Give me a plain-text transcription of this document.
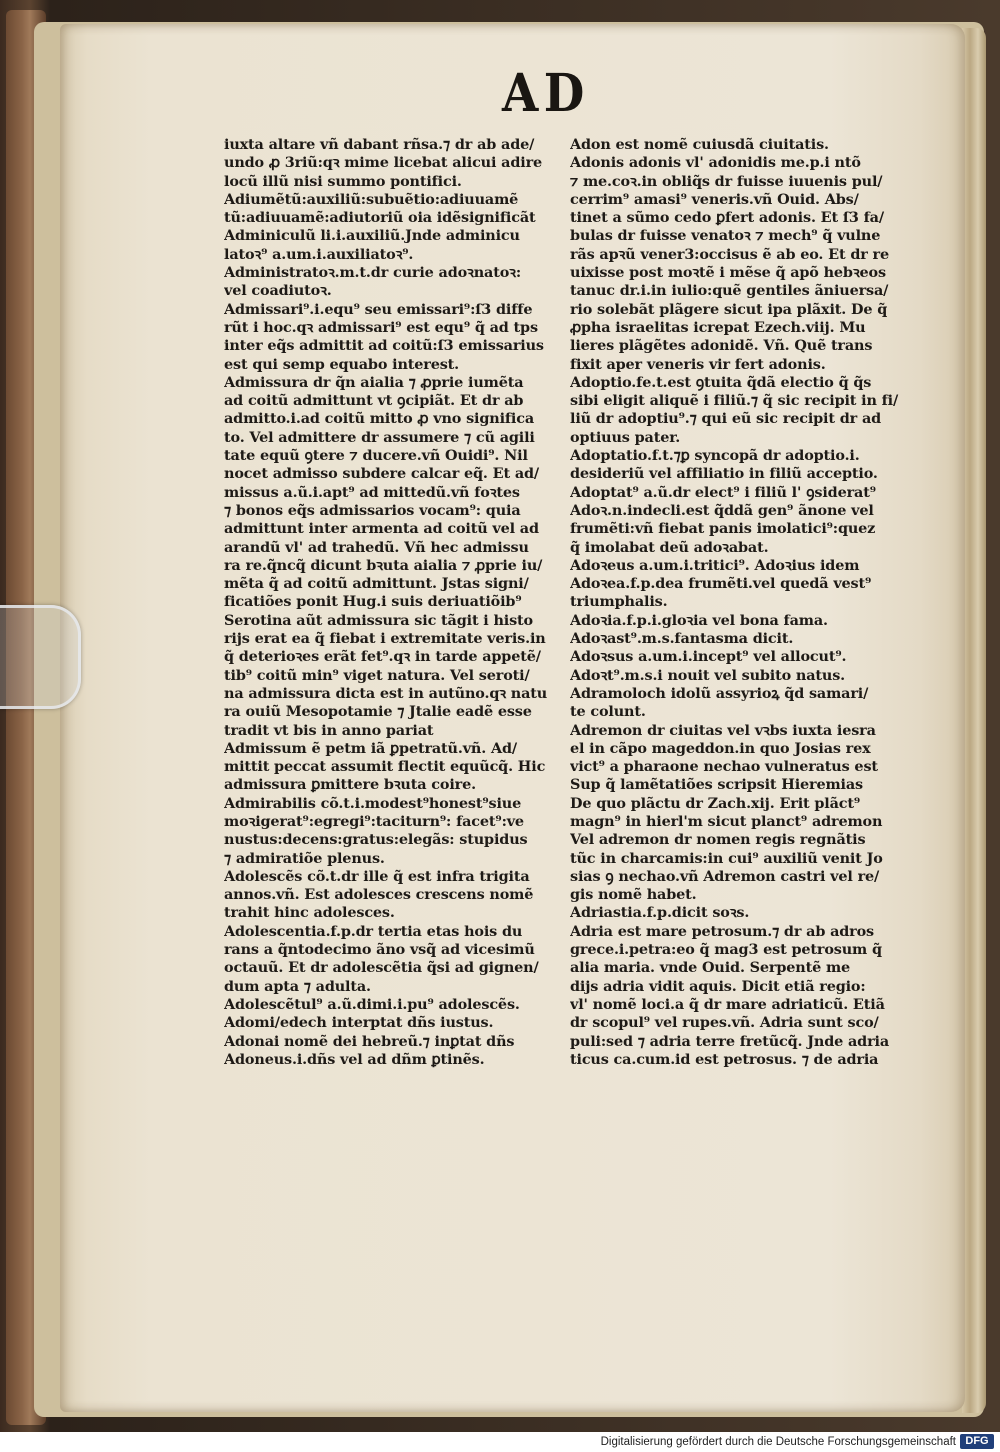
AD
iuxta altare vñ dabant rñsa.⁊ dr ab ade/
undo ꝓ 3riũ:qꝛ mime licebat alicui adire
locũ illũ nisi summo pontifici.
Adiumẽtũ:auxiliũ:subuẽtio:adiuuamẽ
tũ:adiuuamẽ:adiutoriũ oia idẽsignificãt
Adminiculũ li.i.auxiliũ.Jnde adminicu
latoꝛ⁹ a.um.i.auxiliatoꝛ⁹.
Administratoꝛ.m.t.dr curie adoꝛnatoꝛ:
vel coadiutoꝛ.
Admissari⁹.i.equ⁹ seu emissari⁹:ſ3 diffe
rũt i hoc.qꝛ admissari⁹ est equ⁹ q̃ ad tps
inter eq̃s admittit ad coitũ:ſ3 emissarius
est qui semp equabo interest.
Admissura dr q̃n aialia ⁊ ꝓprie iumẽta
ad coitũ admittunt vt ꝯcipiãt. Et dr ab
admitto.i.ad coitũ mitto ꝓ vno significa
to. Vel admittere dr assumere ⁊ cũ agili
tate equũ ꝯtere ⁊ ducere.vñ Ouidi⁹. Nil
nocet admisso subdere calcar eq̃. Et ad/
missus a.ũ.i.apt⁹ ad mittedũ.vñ foꝛtes
⁊ bonos eq̃s admissarios vocam⁹: quia
admittunt inter armenta ad coitũ vel ad
arandũ vl' ad trahedũ. Vñ hec admissu
ra re.q̃ncq̃ dicunt bꝛuta aialia ⁊ ꝓprie iu/
mẽta q̃ ad coitũ admittunt. Jstas signi/
ficatiões ponit Hug.i suis deriuatiõib⁹
Serotina aũt admissura sic tãgit i histo
rijs erat ea q̃ fiebat i extremitate veris.in
q̃ deterioꝛes erãt fet⁹.qꝛ in tarde appetẽ/
tib⁹ coitũ min⁹ viget natura. Vel seroti/
na admissura dicta est in autũno.qꝛ natu
ra ouiũ Mesopotamie ⁊ Jtalie eadẽ esse
tradit vt bis in anno pariat
Admissum ẽ petm iã ꝑpetratũ.vñ. Ad/
mittit peccat assumit flectit equũcq̃. Hic
admissura ꝑmittere bꝛuta coire.
Admirabilis cõ.t.i.modest⁹honest⁹siue
moꝛigerat⁹:egregi⁹:taciturn⁹: facet⁹:ve
nustus:decens:gratus:elegãs: stupidus
⁊ admiratiõe plenus.
Adolescẽs cõ.t.dr ille q̃ est infra trigita
annos.vñ. Est adolesces crescens nomẽ
trahit hinc adolesces.
Adolescentia.f.p.dr tertia etas hois du
rans a q̃ntodecimo ãno vsq̃ ad vicesimũ
octauũ. Et dr adolescẽtia q̃si ad gignen/
dum apta ⁊ adulta.
Adolescẽtul⁹ a.ũ.dimi.i.pu⁹ adolescẽs.
Adomi/edech interptat dñs iustus.
Adonai nomẽ dei hebreũ.⁊ inꝑtat dñs
Adoneus.i.dñs vel ad dñm ꝑtinẽs.
Adon est nomẽ cuiusdã ciuitatis.
Adonis adonis vl' adonidis me.p.i ntõ
⁊ me.coꝛ.in obliq̃s dr fuisse iuuenis pul/
cerrim⁹ amasi⁹ veneris.vñ Ouid. Abs/
tinet a sũmo cedo ꝑfert adonis. Et ſ3 fa/
bulas dr fuisse venatoꝛ ⁊ mech⁹ q̃ vulne
rãs apꝛũ vener3:occisus ẽ ab eo. Et dr re
uixisse post moꝛtẽ i mẽse q̃ apõ hebꝛeos
tanuc dr.i.in iulio:quẽ gentiles ãniuersa/
rio solebãt plãgere sicut ipa plãxit. De q̃
ꝓpha israelitas icrepat Ezech.viij. Mu
lieres plãgẽtes adonidẽ. Vñ. Quẽ trans
fixit aper veneris vir fert adonis.
Adoptio.fe.t.est ꝯtuita q̃dã electio q̃ q̃s
sibi eligit aliquẽ i filiũ.⁊ q̃ sic recipit in fi/
liũ dr adoptiu⁹.⁊ qui eũ sic recipit dr ad
optiuus pater.
Adoptatio.f.t.⁊ꝑ syncopã dr adoptio.i.
desideriũ vel affiliatio in filiũ acceptio.
Adoptat⁹ a.ũ.dr elect⁹ i filiũ l' ꝯsiderat⁹
Adoꝛ.n.indecli.est q̃ddã gen⁹ ãnone vel
frumẽti:vñ fiebat panis imolatici⁹:quez
q̃ imolabat deũ adoꝛabat.
Adoꝛeus a.um.i.tritici⁹. Adoꝛius idem
Adoꝛea.f.p.dea frumẽti.vel quedã vest⁹
triumphalis.
Adoꝛia.f.p.i.gloꝛia vel bona fama.
Adoꝛast⁹.m.s.fantasma dicit.
Adoꝛsus a.um.i.incept⁹ vel allocut⁹.
Adoꝛt⁹.m.s.i nouit vel subito natus.
Adramoloch idolũ assyrioꝝ q̃d samari/
te colunt.
Adremon dr ciuitas vel vꝛbs iuxta iesra
el in cãpo mageddon.in quo Josias rex
vict⁹ a pharaone nechao vulneratus est
Sup q̃ lamẽtatiões scripsit Hieremias
De quo plãctu dr Zach.xij. Erit plãct⁹
magn⁹ in hierl'm sicut planct⁹ adremon
Vel adremon dr nomen regis regnãtis
tũc in charcamis:in cui⁹ auxiliũ venit Jo
sias ꝯ nechao.vñ Adremon castri vel re/
gis nomẽ habet.
Adriastia.f.p.dicit soꝛs.
Adria est mare petrosum.⁊ dr ab adros
grece.i.petra:eo q̃ mag3 est petrosum q̃
alia maria. vnde Ouid. Serpentẽ me
dijs adria vidit aquis. Dicit etiã regio:
vl' nomẽ loci.a q̃ dr mare adriaticũ. Etiã
dr scopul⁹ vel rupes.vñ. Adria sunt sco/
puli:sed ⁊ adria terre fretũcq̃. Jnde adria
ticus ca.cum.id est petrosus. ⁊ de adria
Digitalisierung gefördert durch die Deutsche Forschungsgemeinschaft DFG
